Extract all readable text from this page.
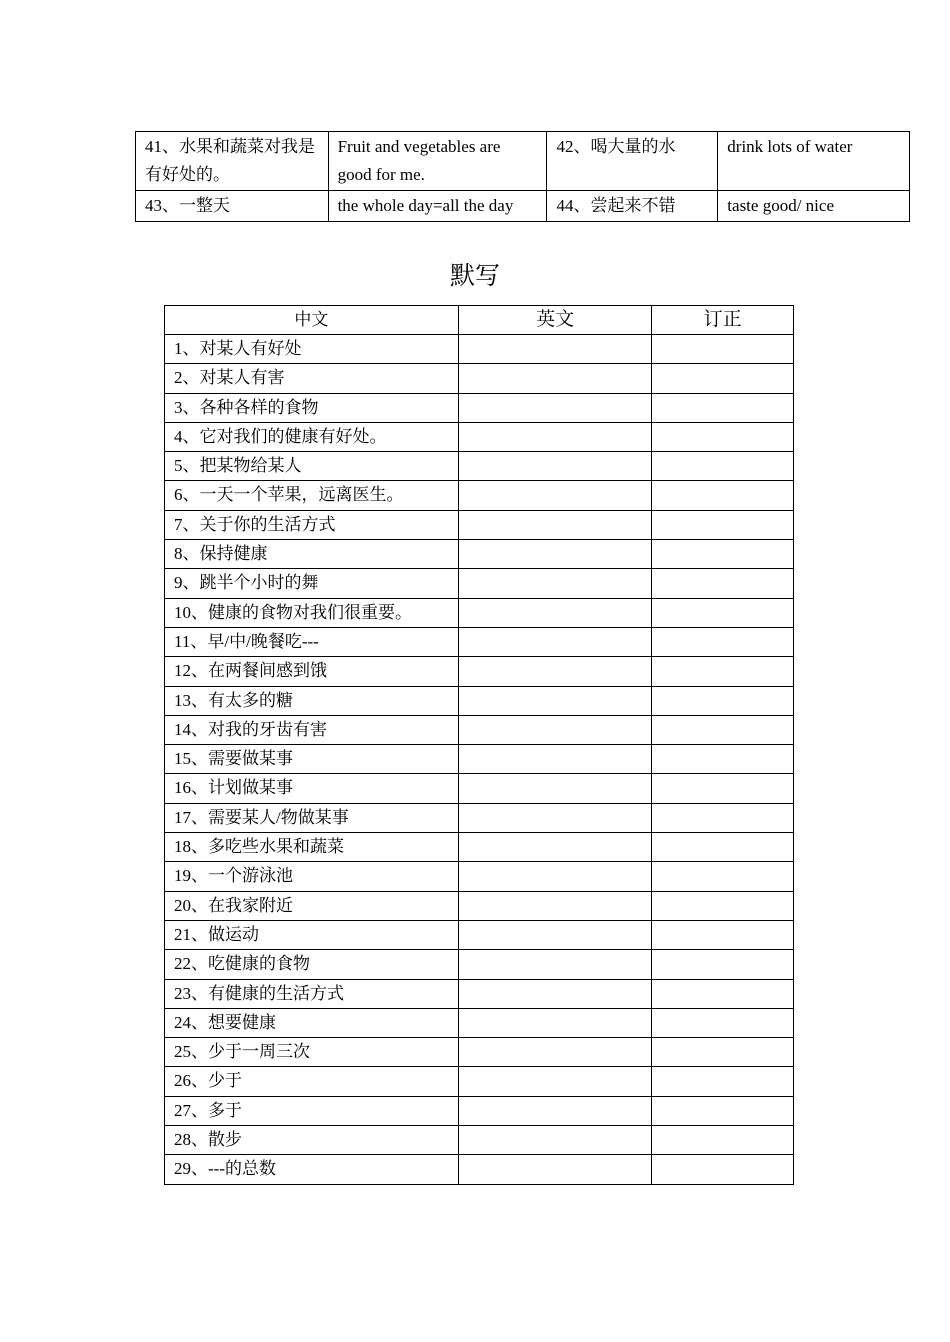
41、水果和蔬菜对我是有好处的。	Fruit and vegetables are good for me.	42、喝大量的水	drink lots of water
43、一整天	the whole day=all the day	44、尝起来不错	taste good/ nice
默写
中文	英文	订正
1、对某人有好处		
2、对某人有害		
3、各种各样的食物		
4、它对我们的健康有好处。		
5、把某物给某人		
6、一天一个苹果，远离医生。		
7、关于你的生活方式		
8、保持健康		
9、跳半个小时的舞		
10、健康的食物对我们很重要。		
11、早/中/晚餐吃---		
12、在两餐间感到饿		
13、有太多的糖		
14、对我的牙齿有害		
15、需要做某事		
16、计划做某事		
17、需要某人/物做某事		
18、多吃些水果和蔬菜		
19、一个游泳池		
20、在我家附近		
21、做运动		
22、吃健康的食物		
23、有健康的生活方式		
24、想要健康		
25、少于一周三次		
26、少于		
27、多于		
28、散步		
29、---的总数		
